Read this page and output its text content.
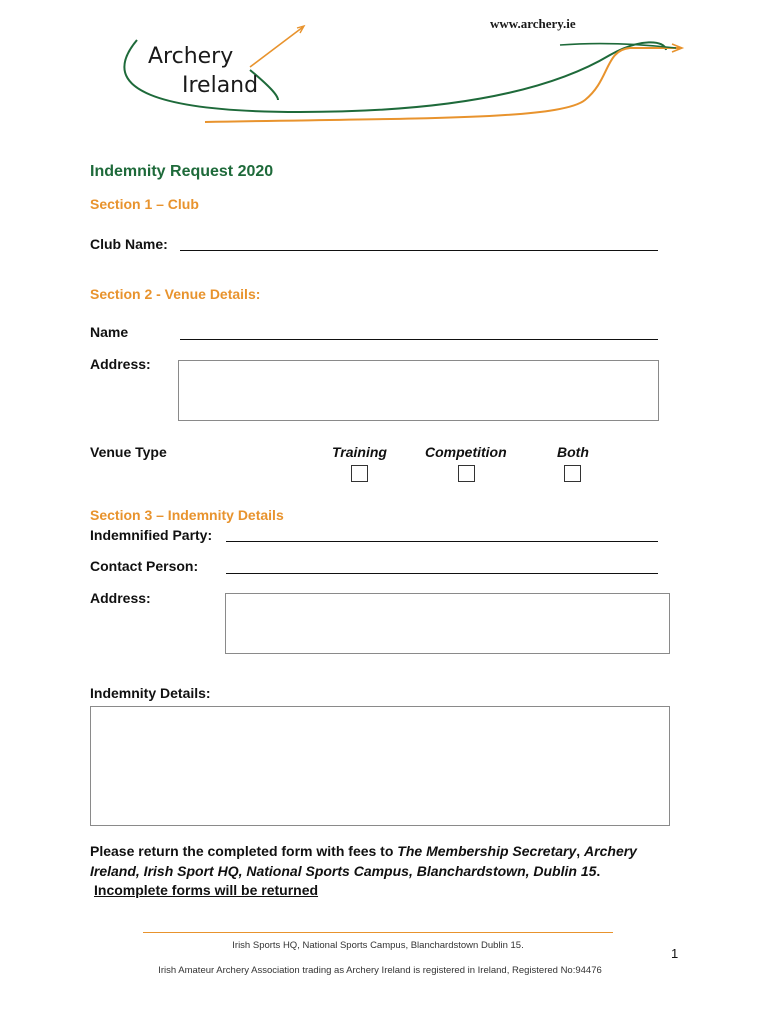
Archery
Ireland
www.archery.ie
Indemnity Request 2020
Section 1 – Club
Club Name:
Section 2 - Venue Details:
Name
Address:
Venue Type	Training	Competition	Both
Section 3 – Indemnity Details
Indemnified Party:
Contact Person:
Address:
Indemnity Details:
Please return the completed form with fees to The Membership Secretary, Archery Ireland, Irish Sport HQ, National Sports Campus, Blanchardstown, Dublin 15.
Incomplete forms will be returned
Irish Sports HQ, National Sports Campus, Blanchardstown Dublin 15.
1
Irish Amateur Archery Association trading as Archery Ireland is registered in Ireland, Registered No:94476
